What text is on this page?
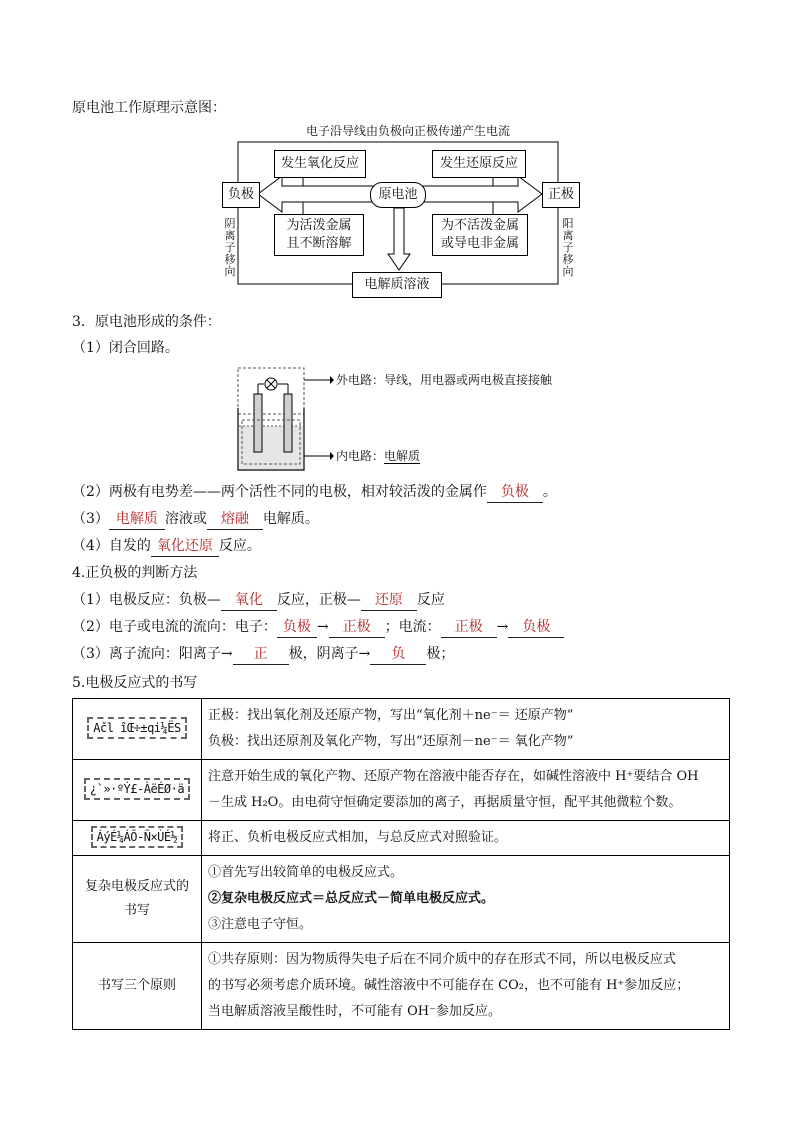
原电池工作原理示意图：
电子沿导线由负极向正极传递产生电流
负极	正极
原电池
发生氧化反应	发生还原反应
为活泼金属
且不断溶解
为不活泼金属
或导电非金属
电解质溶液
阴离子移向
阳离子移向
3．原电池形成的条件：
（1）闭合回路。
外电路：导线，用电器或两电极直接接触
内电路：电解质
（2）两极有电势差——两个活性不同的电极，相对较活泼的金属作 负极 。
（3） 电解质 溶液或 熔融 电解质。
（4）自发的 氧化还原 反应。
4.正负极的判断方法
（1）电极反应：负极— 氧化 反应，正极— 还原 反应
（2）电子或电流的流向：电子： 负极 → 正极 ；电流： 正极 → 负极
（3）离子流向：阳离子→ 正 极，阴离子→ 负 极；
5.电极反应式的书写
Ačl îŒ÷±qi¼ËS	正极：找出氧化剂及还原产物，写出“氧化剂＋ne⁻＝ 还原产物”
负极：找出还原剂及氧化产物，写出“还原剂－ne⁻＝ 氧化产物”

¿`»·ºÝ£-ÀëÉØ·ä	注意开始生成的氧化产物、还原产物在溶液中能否存在，如碱性溶液中 H⁺要结合 OH
－生成 H₂O。由电荷守恒确定要添加的离子，再据质量守恒，配平其他微粒个数。

ÁýÉ¼ÁÕ-Ñ×ÙÉ½	将正、负析电极反应式相加，与总反应式对照验证。

复杂电极反应式的书写	①首先写出较简单的电极反应式。
②复杂电极反应式＝总反应式－简单电极反应式。
③注意电子守恒。

书写三个原则	①共存原则：因为物质得失电子后在不同介质中的存在形式不同，所以电极反应式
的书写必须考虑介质环境。碱性溶液中不可能存在 CO₂，也不可能有 H⁺参加反应；
当电解质溶液呈酸性时，不可能有 OH⁻参加反应。
